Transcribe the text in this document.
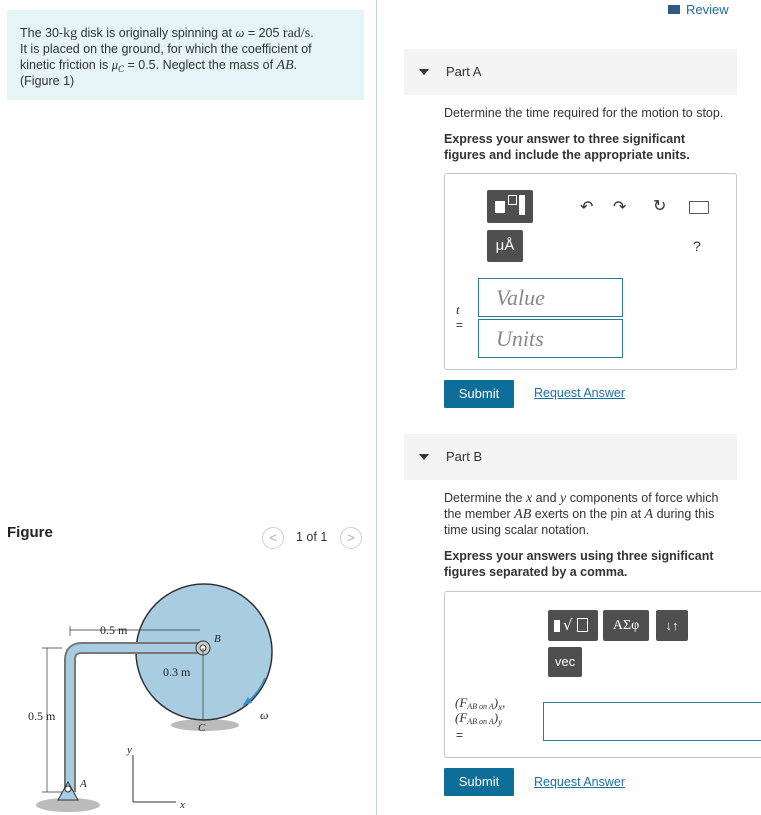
The 30-kg disk is originally spinning at ω = 205 rad/s.

It is placed on the ground, for which the coefficient of

kinetic friction is $\mu_C = 0.5$. Neglect the mass of AB.

(Figure 1)

Figure	<	1 of 1	>
0.5 m
0.5 m
0.3 m
B
C
A
ω
y
x
Review
Part A
Determine the time required for the motion to stop.
Express your answer to three significant
figures and include the appropriate units.
μÅ
↶ ↷ ↻
?
t
=
Value
Units
Submit	Request Answer
Part B
Determine the x and y components of force which
the member AB exerts on the pin at A during this
time using scalar notation.
Express your answers using three significant
figures separated by a comma.
√	ΑΣφ	↓↑
vec
(FAB on $A)_x$,
(FAB on $A)_y$
=
Submit	Request Answer
